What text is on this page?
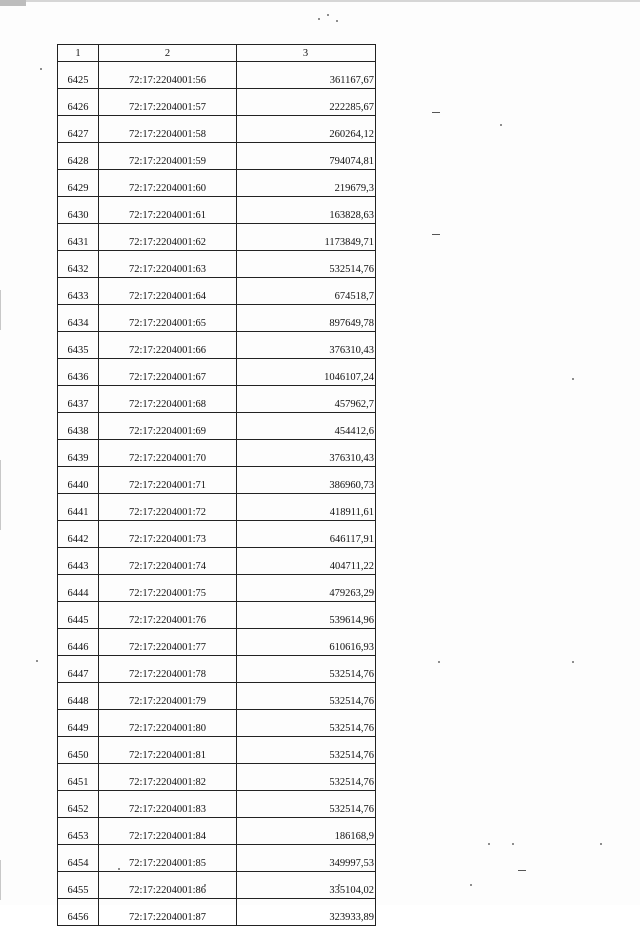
1	2	3
6425	72:17:2204001:56	361167,67
6426	72:17:2204001:57	222285,67
6427	72:17:2204001:58	260264,12
6428	72:17:2204001:59	794074,81
6429	72:17:2204001:60	219679,3
6430	72:17:2204001:61	163828,63
6431	72:17:2204001:62	1173849,71
6432	72:17:2204001:63	532514,76
6433	72:17:2204001:64	674518,7
6434	72:17:2204001:65	897649,78
6435	72:17:2204001:66	376310,43
6436	72:17:2204001:67	1046107,24
6437	72:17:2204001:68	457962,7
6438	72:17:2204001:69	454412,6
6439	72:17:2204001:70	376310,43
6440	72:17:2204001:71	386960,73
6441	72:17:2204001:72	418911,61
6442	72:17:2204001:73	646117,91
6443	72:17:2204001:74	404711,22
6444	72:17:2204001:75	479263,29
6445	72:17:2204001:76	539614,96
6446	72:17:2204001:77	610616,93
6447	72:17:2204001:78	532514,76
6448	72:17:2204001:79	532514,76
6449	72:17:2204001:80	532514,76
6450	72:17:2204001:81	532514,76
6451	72:17:2204001:82	532514,76
6452	72:17:2204001:83	532514,76
6453	72:17:2204001:84	186168,9
6454	72:17:2204001:85	349997,53
6455	72:17:2204001:86	335104,02
6456	72:17:2204001:87	323933,89
